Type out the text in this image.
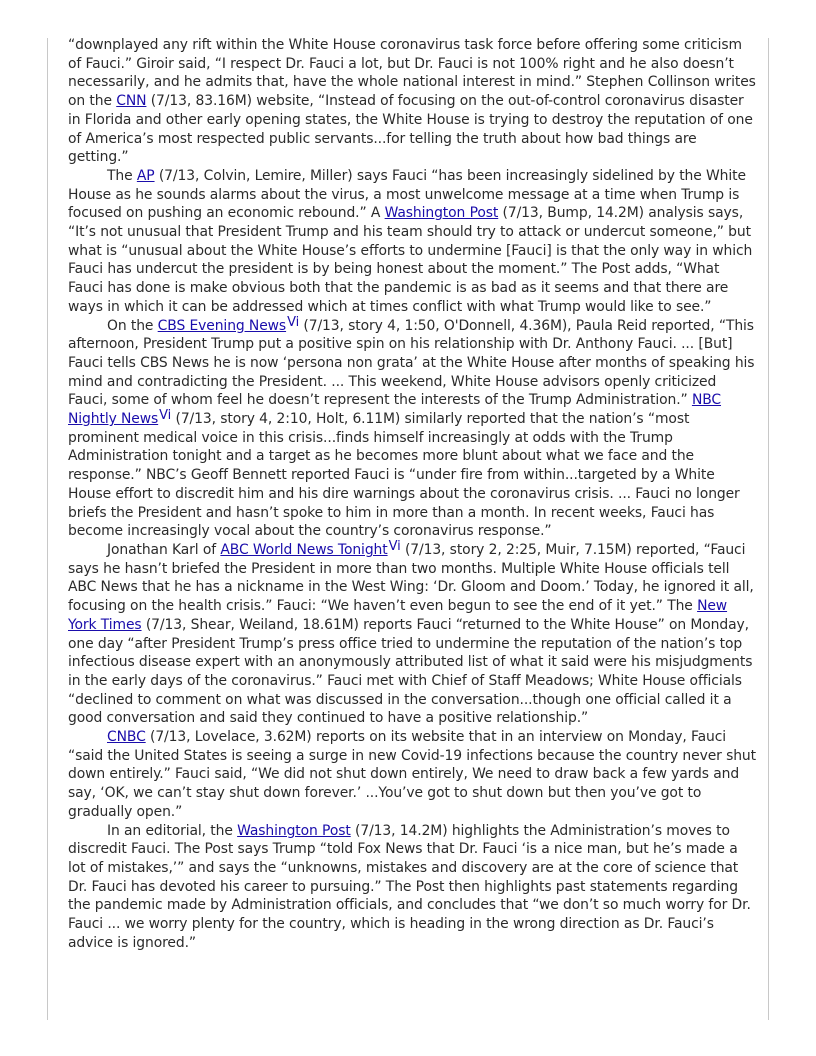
“downplayed any rift within the White House coronavirus task force before offering some criticism of Fauci.” Giroir said, “I respect Dr. Fauci a lot, but Dr. Fauci is not 100% right and he also doesn’t necessarily, and he admits that, have the whole national interest in mind.” Stephen Collinson writes on the CNN (7/13, 83.16M) website, “Instead of focusing on the out-of-control coronavirus disaster in Florida and other early opening states, the White House is trying to destroy the reputation of one of America’s most respected public servants...for telling the truth about how bad things are getting.”

The AP (7/13, Colvin, Lemire, Miller) says Fauci “has been increasingly sidelined by the White House as he sounds alarms about the virus, a most unwelcome message at a time when Trump is focused on pushing an economic rebound.” A Washington Post (7/13, Bump, 14.2M) analysis says, “It’s not unusual that President Trump and his team should try to attack or undercut someone,” but what is “unusual about the White House’s efforts to undermine [Fauci] is that the only way in which Fauci has undercut the president is by being honest about the moment.” The Post adds, “What Fauci has done is make obvious both that the pandemic is as bad as it seems and that there are ways in which it can be addressed which at times conflict with what Trump would like to see.”

On the CBS Evening News$^{Vi}$ (7/13, story 4, 1:50, O'Donnell, 4.36M), Paula Reid reported, “This afternoon, President Trump put a positive spin on his relationship with Dr. Anthony Fauci. ... [But] Fauci tells CBS News he is now ‘persona non grata’ at the White House after months of speaking his mind and contradicting the President. ... This weekend, White House advisors openly criticized Fauci, some of whom feel he doesn’t represent the interests of the Trump Administration.” NBC Nightly News$^{Vi}$ (7/13, story 4, 2:10, Holt, 6.11M) similarly reported that the nation’s “most prominent medical voice in this crisis...finds himself increasingly at odds with the Trump Administration tonight and a target as he becomes more blunt about what we face and the response.” NBC’s Geoff Bennett reported Fauci is “under fire from within...targeted by a White House effort to discredit him and his dire warnings about the coronavirus crisis. ... Fauci no longer briefs the President and hasn’t spoke to him in more than a month. In recent weeks, Fauci has become increasingly vocal about the country’s coronavirus response.”

Jonathan Karl of ABC World News Tonight$^{Vi}$ (7/13, story 2, 2:25, Muir, 7.15M) reported, “Fauci says he hasn’t briefed the President in more than two months. Multiple White House officials tell ABC News that he has a nickname in the West Wing: ‘Dr. Gloom and Doom.’ Today, he ignored it all, focusing on the health crisis.” Fauci: “We haven’t even begun to see the end of it yet.” The New York Times (7/13, Shear, Weiland, 18.61M) reports Fauci “returned to the White House” on Monday, one day “after President Trump’s press office tried to undermine the reputation of the nation’s top infectious disease expert with an anonymously attributed list of what it said were his misjudgments in the early days of the coronavirus.” Fauci met with Chief of Staff Meadows; White House officials “declined to comment on what was discussed in the conversation...though one official called it a good conversation and said they continued to have a positive relationship.”

CNBC (7/13, Lovelace, 3.62M) reports on its website that in an interview on Monday, Fauci “said the United States is seeing a surge in new Covid-19 infections because the country never shut down entirely.” Fauci said, “We did not shut down entirely, We need to draw back a few yards and say, ‘OK, we can’t stay shut down forever.’ ...You’ve got to shut down but then you’ve got to gradually open.”

In an editorial, the Washington Post (7/13, 14.2M) highlights the Administration’s moves to discredit Fauci. The Post says Trump “told Fox News that Dr. Fauci ‘is a nice man, but he’s made a lot of mistakes,’” and says the “unknowns, mistakes and discovery are at the core of science that Dr. Fauci has devoted his career to pursuing.” The Post then highlights past statements regarding the pandemic made by Administration officials, and concludes that “we don’t so much worry for Dr. Fauci ... we worry plenty for the country, which is heading in the wrong direction as Dr. Fauci’s advice is ignored.”
